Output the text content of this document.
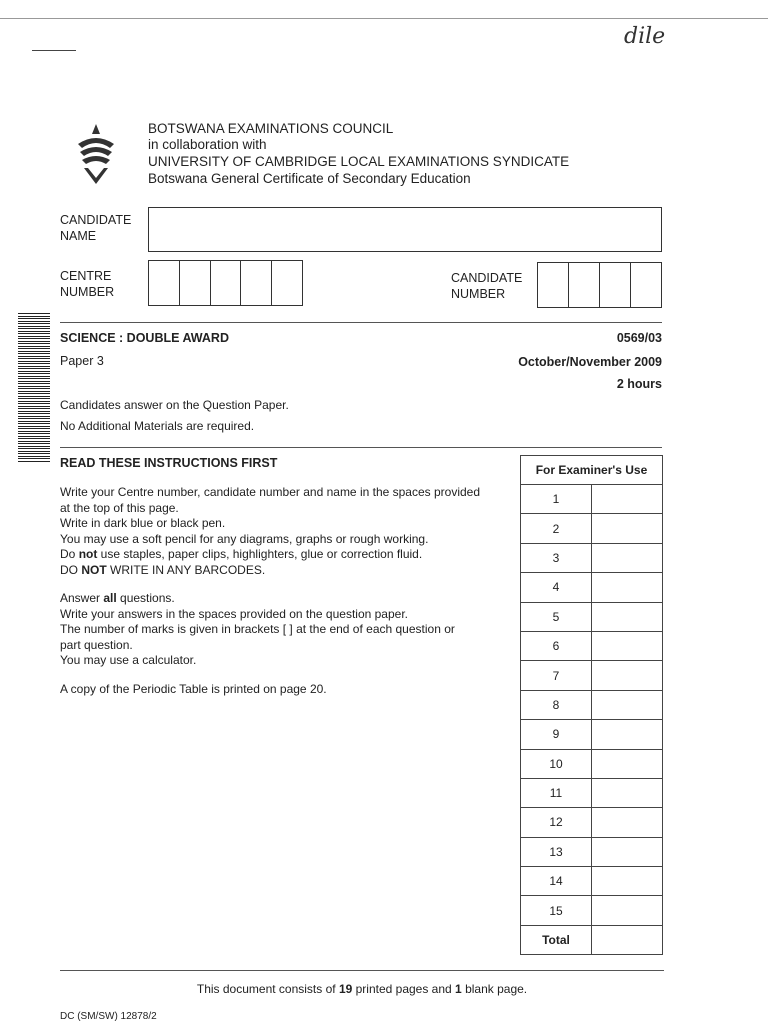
dile
BOTSWANA EXAMINATIONS COUNCIL
in collaboration with
UNIVERSITY OF CAMBRIDGE LOCAL EXAMINATIONS SYNDICATE
Botswana General Certificate of Secondary Education
CANDIDATE
NAME
CENTRE
NUMBER
CANDIDATE
NUMBER
SCIENCE : DOUBLE AWARD	0569/03
Paper 3	October/November 2009
2 hours
Candidates answer on the Question Paper.
No Additional Materials are required.
READ THESE INSTRUCTIONS FIRST
Write your Centre number, candidate number and name in the spaces provided
at the top of this page.
Write in dark blue or black pen.
You may use a soft pencil for any diagrams, graphs or rough working.
Do not use staples, paper clips, highlighters, glue or correction fluid.
DO NOT WRITE IN ANY BARCODES.
Answer all questions.
Write your answers in the spaces provided on the question paper.
The number of marks is given in brackets [ ] at the end of each question or
part question.
You may use a calculator.
A copy of the Periodic Table is printed on page 20.
For Examiner's Use	
1	
2	
3	
4	
5	
6	
7	
8	
9	
10	
11	
12	
13	
14	
15	
Total	
This document consists of 19 printed pages and 1 blank page.
DC (SM/SW) 12878/2
